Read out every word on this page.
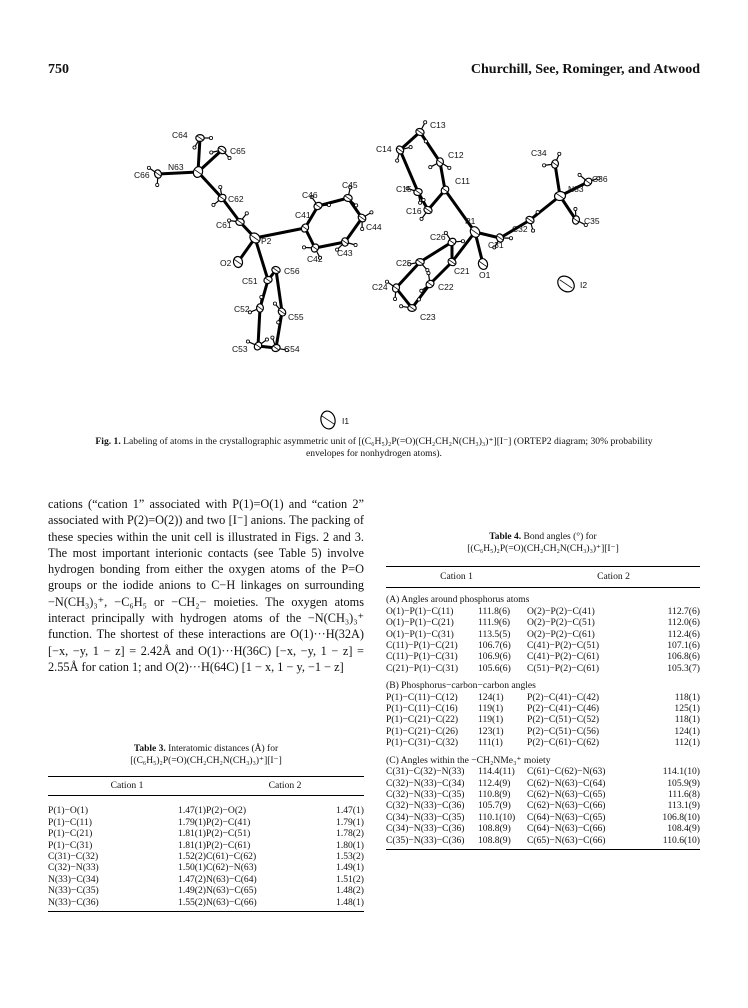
750	Churchill, See, Rominger, and Atwood
C64
C65
C66
N63
C62
C61
P2
O2
C41
C46
C45
C44
C43
C42
C51
C56
C55
C52
C53	C54
C13
C14
C12
C11
C15
C16
P1
C34
C36
N33
C32
C31
C35
C26
C25
C21 O1
C24	C22
C23
I2
I1
Fig. 1. Labeling of atoms in the crystallographic asymmetric unit of [(C₆H₅)₂P(=O)(CH₂CH₂N(CH₃)₃)⁺][I⁻] (ORTEP2 diagram; 30% probability envelopes for nonhydrogen atoms).

cations (“cation 1” associated with P(1)=O(1) and “cation 2” associated with P(2)=O(2)) and two [I⁻] anions. The packing of these species within the unit cell is illustrated in Figs. 2 and 3. The most important interionic contacts (see Table 5) involve hydrogen bonding from either the oxygen atoms of the P=O groups or the iodide anions to C−H linkages on surrounding −N(CH₃)₃⁺, −C₆H₅ or −CH₂− moieties. The oxygen atoms interact principally with hydrogen atoms of the −N(CH₃)₃⁺ function. The shortest of these interactions are O(1)···H(32A) [−x, −y, 1 − z] = 2.42Å and O(1)···H(36C) [−x, −y, 1 − z] = 2.55Å for cation 1; and O(2)···H(64C) [1 − x, 1 − y, −1 − z]

Table 3. Interatomic distances (Å) for
[(C₆H₅)₂P(=O)(CH₂CH₂N(CH₃)₃)⁺][I⁻]
Cation 1		Cation 2	
P(1)−O(1)	1.47(1)	P(2)−O(2)	1.47(1)
P(1)−C(11)	1.79(1)	P(2)−C(41)	1.79(1)
P(1)−C(21)	1.81(1)	P(2)−C(51)	1.78(2)
P(1)−C(31)	1.81(1)	P(2)−C(61)	1.80(1)
C(31)−C(32)	1.52(2)	C(61)−C(62)	1.53(2)
C(32)−N(33)	1.50(1)	C(62)−N(63)	1.49(1)
N(33)−C(34)	1.47(2)	N(63)−C(64)	1.51(2)
N(33)−C(35)	1.49(2)	N(63)−C(65)	1.48(2)
N(33)−C(36)	1.55(2)	N(63)−C(66)	1.48(1)
Table 4. Bond angles (°) for
[(C₆H₅)₂P(=O)(CH₂CH₂N(CH₃)₃)⁺][I⁻]
Cation 1		Cation 2	
(A) Angles around phosphorus atoms			
O(1)−P(1)−C(11)	111.8(6)	O(2)−P(2)−C(41)	112.7(6)
O(1)−P(1)−C(21)	111.9(6)	O(2)−P(2)−C(51)	112.0(6)
O(1)−P(1)−C(31)	113.5(5)	O(2)−P(2)−C(61)	112.4(6)
C(11)−P(1)−C(21)	106.7(6)	C(41)−P(2)−C(51)	107.1(6)
C(11)−P(1)−C(31)	106.9(6)	C(41)−P(2)−C(61)	106.8(6)
C(21)−P(1)−C(31)	105.6(6)	C(51)−P(2)−C(61)	105.3(7)
(B) Phosphorus−carbon−carbon angles			
P(1)−C(11)−C(12)	124(1)	P(2)−C(41)−C(42)	118(1)
P(1)−C(11)−C(16)	119(1)	P(2)−C(41)−C(46)	125(1)
P(1)−C(21)−C(22)	119(1)	P(2)−C(51)−C(52)	118(1)
P(1)−C(21)−C(26)	123(1)	P(2)−C(51)−C(56)	124(1)
P(1)−C(31)−C(32)	111(1)	P(2)−C(61)−C(62)	112(1)
(C) Angles within the −CH₂NMe₃⁺ moiety			
C(31)−C(32)−N(33)	114.4(11)	C(61)−C(62)−N(63)	114.1(10)
C(32)−N(33)−C(34)	112.4(9)	C(62)−N(63)−C(64)	105.9(9)
C(32)−N(33)−C(35)	110.8(9)	C(62)−N(63)−C(65)	111.6(8)
C(32)−N(33)−C(36)	105.7(9)	C(62)−N(63)−C(66)	113.1(9)
C(34)−N(33)−C(35)	110.1(10)	C(64)−N(63)−C(65)	106.8(10)
C(34)−N(33)−C(36)	108.8(9)	C(64)−N(63)−C(66)	108.4(9)
C(35)−N(33)−C(36)	108.8(9)	C(65)−N(63)−C(66)	110.6(10)
